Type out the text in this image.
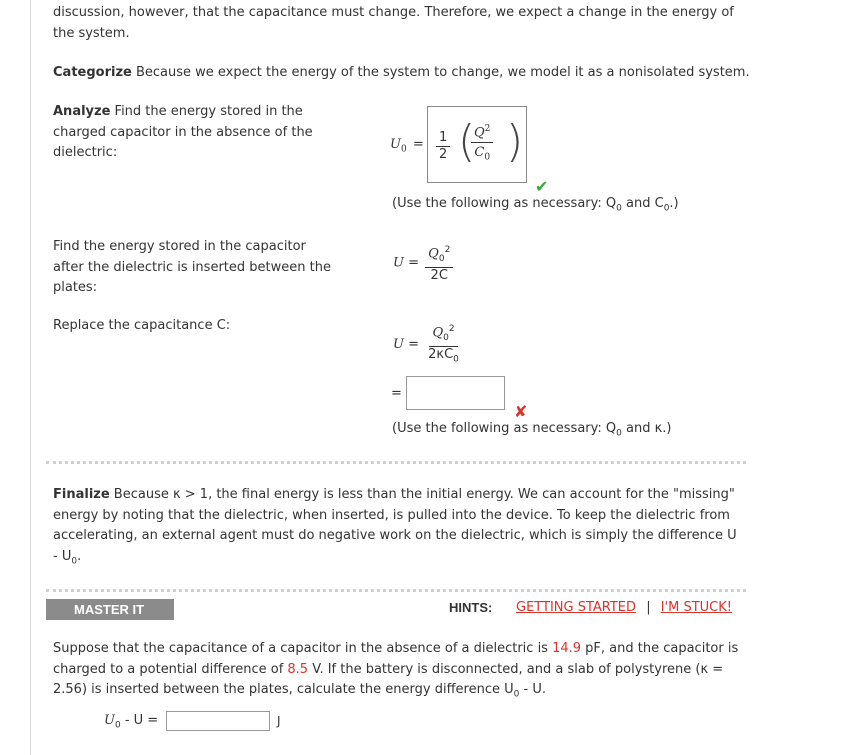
discussion, however, that the capacitance must change. Therefore, we expect a change in the energy of
the system.
Categorize Because we expect the energy of the system to change, we model it as a nonisolated system.
Analyze Find the energy stored in the
charged capacitor in the absence of the
dielectric:
$U_0 = \frac{1}{2}$ (
$\frac{Q^2}{C_0}$ )
✔
(Use the following as necessary: $Q_0$ and $C_0$.)
Find the energy stored in the capacitor
after the dielectric is inserted between the
plates:
$U = \frac{Q_0^2}{2C}$
Replace the capacitance C:
$U = \frac{Q_0^2}{2\kappa C_0}$
=
✘
(Use the following as necessary: $Q_0$ and κ.)
Finalize Because κ > 1, the final energy is less than the initial energy. We can account for the "missing"
energy by noting that the dielectric, when inserted, is pulled into the device. To keep the dielectric from
accelerating, an external agent must do negative work on the dielectric, which is simply the difference U
- $U_0$.
MASTER IT	HINTS: GETTING STARTED | I'M STUCK!
Suppose that the capacitance of a capacitor in the absence of a dielectric is 14.9 pF, and the capacitor is
charged to a potential difference of 8.5 V. If the battery is disconnected, and a slab of polystyrene (κ =
2.56) is inserted between the plates, calculate the energy difference $U_0$ - U.
$U_0$ - U =	J
